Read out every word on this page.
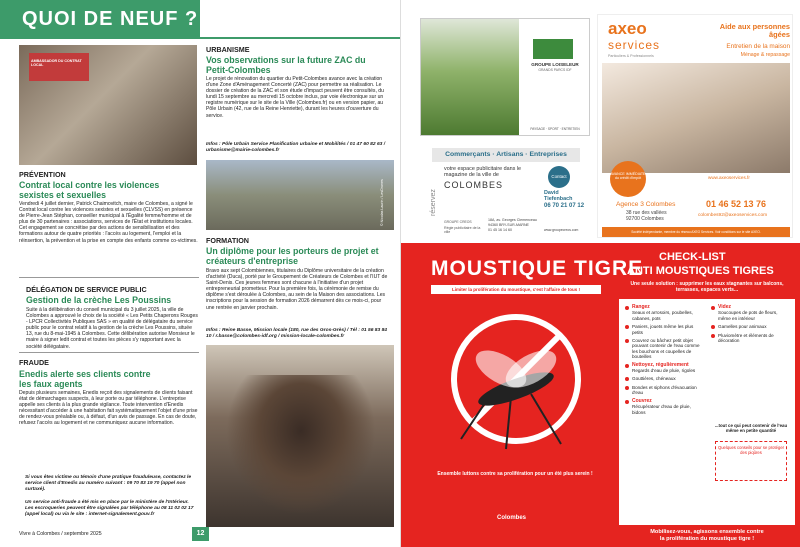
QUOI DE NEUF ?
AMBASSADOR DU CONTRAT LOCAL
PRÉVENTION
Contrat local contre les violences sexistes et sexuelles
Vendredi 4 juillet dernier, Patrick Chaimovitch, maire de Colombes, a signé le Contrat local contre les violences sexistes et sexuelles (CLVSS) en présence de Pierre-Jean Stéphan, conseiller municipal à l'Égalité femme/homme et de plus de 30 partenaires : associations, services de l'État et institutions locales. Cet engagement se concrétise par des actions de sensibilisation et des formations autour de quatre priorités : l'accès au logement, l'emploi et la réinsertion, la prévention et la prise en compte des enfants comme co-victimes.
DÉLÉGATION DE SERVICE PUBLIC
Gestion de la crèche Les Poussins
Suite à la délibération du conseil municipal du 3 juillet 2025, la ville de Colombes a approuvé le choix de la société « Les Petits Chaperons Rouges - LPCR Collectivités Publiques SAS » en qualité de délégataire du service public pour le contrat relatif à la gestion de la crèche Les Poussins, située 13, rue du 8-mai-1945 à Colombes. Cette délibération autorise Monsieur le maire à signer ledit contrat et toutes les pièces s'y rapportant avec la société délégataire.
FRAUDE
Enedis alerte ses clients contre les faux agents
Depuis plusieurs semaines, Enedis reçoit des signalements de clients faisant état de démarchages suspects, à leur porte ou par téléphone. L'entreprise appelle ses clients à la plus grande vigilance. Toute intervention d'Enedis nécessitant d'accéder à une habitation fait systématiquement l'objet d'une prise de rendez-vous préalable ou, à défaut, d'un avis de passage. En cas de doute, refusez l'accès au logement et ne communiquez aucune information.
Si vous êtes victime ou témoin d'une pratique frauduleuse, contactez le service client d'Enedis au numéro suivant : 09 70 83 19 70 (appel non surtaxé).
Un service anti-fraude a été mis en place par le ministère de l'Intérieur. Les escroqueries peuvent être signalées par téléphone au 08 11 02 02 17 (appel local) ou via le site : internet-signalement.gouv.fr
URBANISME
Vos observations sur la future ZAC du Petit-Colombes
Le projet de rénovation du quartier du Petit-Colombes avance avec la création d'une Zone d'Aménagement Concerté (ZAC) pour permettre sa réalisation. Le dossier de création de la ZAC et son étude d'impact peuvent être consultés, du lundi 15 septembre au mercredi 15 octobre inclus, par voie électronique sur un registre numérique sur le site de la Ville (Colombes.fr) ou en version papier, au Pôle Urbain (42, rue de la Reine Henriette), durant les heures d'ouverture du service.
Infos : Pôle Urbain Service Planification urbaine et Mobilités / 01 47 60 82 63 / urbanisme@mairie-colombes.fr
© Nicolas Laurin / LesDrones
FORMATION
Un diplôme pour les porteurs de projet et créateurs d'entreprise
Bravo aux sept Colombiennes, titulaires du Diplôme universitaire de la création d'activité (Duca), porté par le Groupement de Créateurs de Colombes et l'IUT de Saint-Denis. Ces jeunes femmes sont chacune à l'initiative d'un projet entrepreneurial prometteur. Pour la première fois, la cérémonie de remise du diplôme s'est déroulée à Colombes, au sein de la Maison des associations. Les inscriptions pour la session de formation 2026 démarrent dès ce mois-ci, pour une rentrée en janvier prochain.
Infos : Reine Basse, Mission locale (180, rue des Gros-Grès) / Tél : 01 56 83 84 10 / r.basse@colombes-idf.org / mission-locale-colombes.fr
Vivre à Colombes / septembre 2025	12
GROUPE LOISELEUR
GRANDS PARCS IDF
PAYSAGE · SPORT · ENTRETIEN
Commerçants · Artisans · Entreprises
réservez
votre espace publicitaire dans le magazine de la ville de
COLOMBES
Contact
David Tiefenbach
06 70 21 07 12
GROUPE CREOS
Régie publicitaire de la ville
18A, av. Georges Clemenceau
94360 BRY-SUR-MARNE
01 45 16 14 60	www.groupecreos.com
axeo
services
Particuliers & Professionnels
Aide aux personnes âgées
Entretien de la maison
Ménage & repassage
AVANCE IMMÉDIATE du crédit d'impôt	www.axeoservices.fr
Agence 3 Colombes
38 rue des vallées
92700 Colombes
01 46 52 13 76
colombes92@axeoservices.com
Société indépendante, membre du réseau AXEO Services. Voir conditions sur le site AXEO.
MOUSTIQUE TIGRE
Limiter la prolifération du moustique, c'est l'affaire de tous !
Ensemble luttons contre sa prolifération pour un été plus serein !
Colombes
CHECK-LIST
ANTI MOUSTIQUES TIGRES
Une seule solution : supprimer les eaux stagnantes sur balcons, terrasses, espaces verts...
Rangez
Seaux et arrosoirs, poubelles, cabanes, pots
Paniers, jouets même les plus petits
Couvrez ou bâchez petit objet pouvant contenir de l'eau comme les bouchons et coupelles de bouteilles
Nettoyez, régulièrement
Regards d'eau de pluie, rigoles
Gouttières, chéneaux
Bondes et siphons d'évacuation d'eau
Couvrez
Récupérateur d'eau de pluie, bidons
Videz
Soucoupes de pots de fleurs, même en intérieur
Gamelles pour animaux
Pluviomètre et éléments de décoration
...tout ce qui peut contenir de l'eau même en petite quantité
Quelques conseils pour se protéger des piqûres
Mobilisez-vous, agissons ensemble contre
la prolifération du moustique tigre !
